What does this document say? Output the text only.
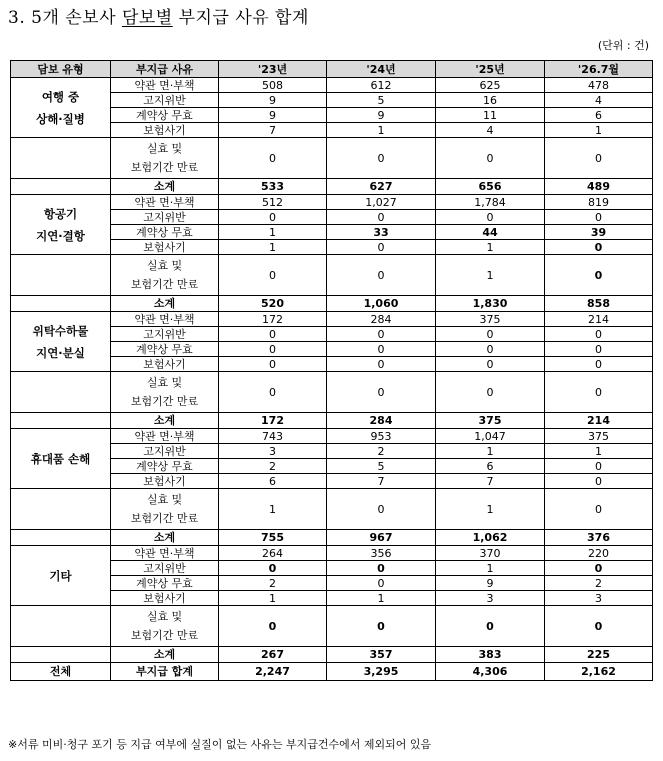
3. 5개 손보사 담보별 부지급 사유 합계
(단위 : 건)
담보 유형	부지급 사유	'23년	'24년	'25년	'26.7월
여행 중
상해·질병	약관 면·부책	508	612	625	478
	고지위반	9	5	16	4
	계약상 무효	9	9	11	6
	보험사기	7	1	4	1
	실효 및
보험기간 만료	0	0	0	0
	소계	533	627	656	489
항공기
지연·결항	약관 면·부책	512	1,027	1,784	819
	고지위반	0	0	0	0
	계약상 무효	1	33	44	39
	보험사기	1	0	1	0
	실효 및
보험기간 만료	0	0	1	0
	소계	520	1,060	1,830	858
위탁수하물
지연·분실	약관 면·부책	172	284	375	214
	고지위반	0	0	0	0
	계약상 무효	0	0	0	0
	보험사기	0	0	0	0
	실효 및
보험기간 만료	0	0	0	0
	소계	172	284	375	214
휴대품 손해	약관 면·부책	743	953	1,047	375
	고지위반	3	2	1	1
	계약상 무효	2	5	6	0
	보험사기	6	7	7	0
	실효 및
보험기간 만료	1	0	1	0
	소계	755	967	1,062	376
기타	약관 면·부책	264	356	370	220
	고지위반	0	0	1	0
	계약상 무효	2	0	9	2
	보험사기	1	1	3	3
	실효 및
보험기간 만료	0	0	0	0
	소계	267	357	383	225
전체	부지급 합계	2,247	3,295	4,306	2,162
※서류 미비·청구 포기 등 지급 여부에 실질이 없는 사유는 부지급건수에서 제외되어 있음
